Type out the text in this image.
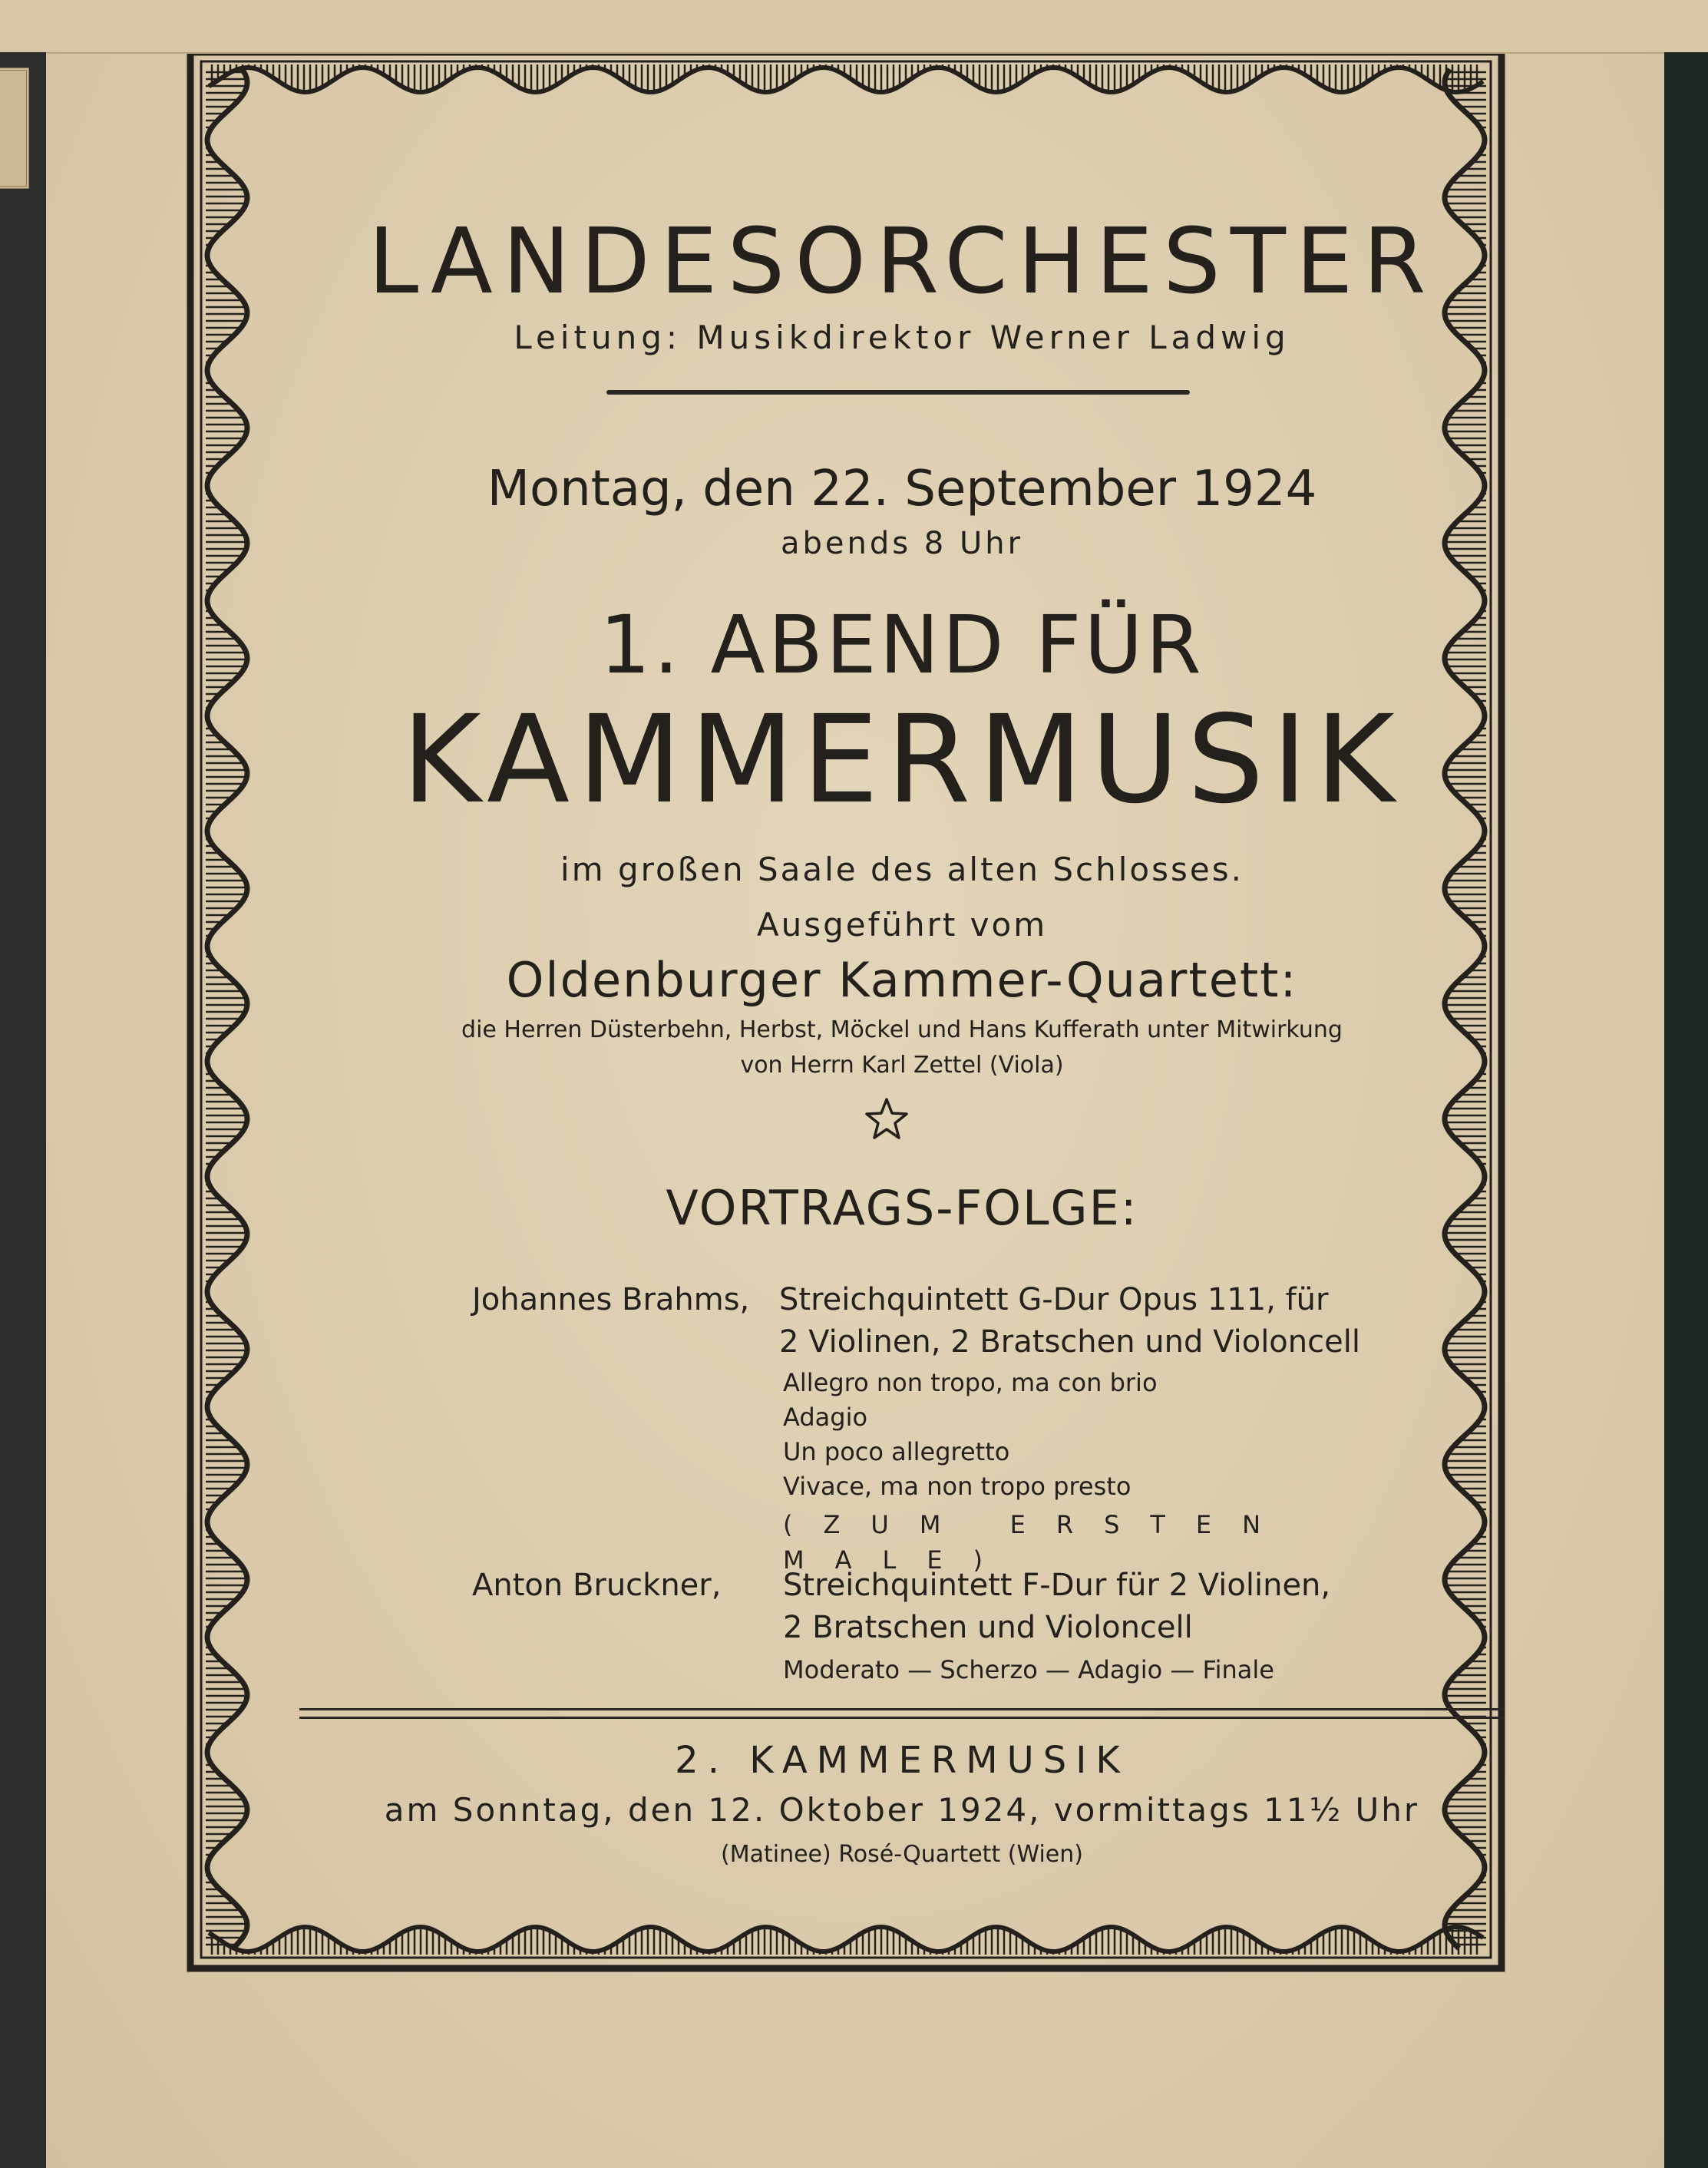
LANDESORCHESTER
Leitung: Musikdirektor Werner Ladwig
Montag, den 22. September 1924
abends 8 Uhr
1. ABEND FÜR
KAMMERMUSIK
im großen Saale des alten Schlosses.
Ausgeführt vom
Oldenburger Kammer-Quartett:
die Herren Düsterbehn, Herbst, Möckel und Hans Kufferath unter Mitwirkung
von Herrn Karl Zettel (Viola)
VORTRAGS-FOLGE:
Johannes Brahms, Streichquintett G-Dur Opus 111, für
2 Violinen, 2 Bratschen und Violoncell
Allegro non tropo, ma con brio
Adagio
Un poco allegretto
Vivace, ma non tropo presto
(ZUM ERSTEN MALE)
Anton Bruckner, Streichquintett F-Dur für 2 Violinen,
2 Bratschen und Violoncell
Moderato — Scherzo — Adagio — Finale
2. KAMMERMUSIK
am Sonntag, den 12. Oktober 1924, vormittags 11½ Uhr
(Matinee) Rosé-Quartett (Wien)
